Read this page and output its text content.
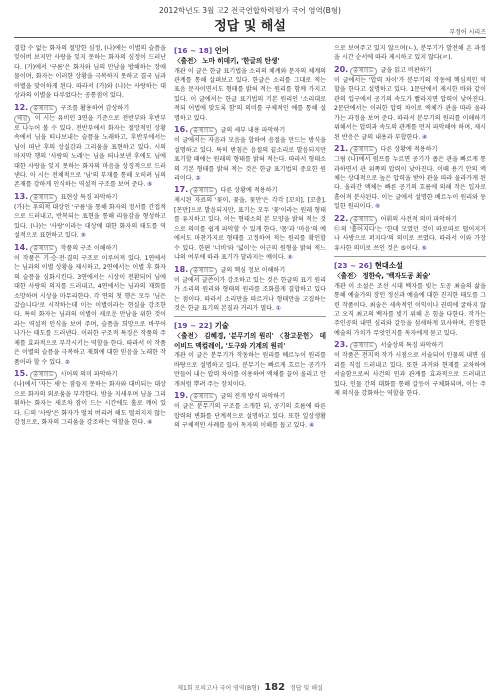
2012학년도 3월 고2 전국연합학력평가 국어 영역(B형)
정답 및 해설	부정어 시리즈

결합 수 없는 화자의 절망한 심정, (나)에는 이별의 슬픔을 잊어버 보지만 사랑을 잊지 못하는 화자의 심정이 드러난다. (가)에서 '구름'은 화자와 님의 만남을 방해하는 장애물이며, 화자는 이러한 상황을 극복하지 못하고 결국 님과 이별을 맞이하게 된다. 따라서 (가)와 (나)는 사랑하는 대상과의 이별을 다루었다는 공통점이 있다.

12. 출제의도 구조를 활용하여 감상하기
해설 이 시는 유비인 3연을 기준으로 전반부와 후반부로 나누어 볼 수 있다. 전반부에서 화자는 절망적인 상황 속에서 님을 떠나보내는 슬픔을 노래하고, 후반부에서는 님이 떠난 후의 상실감과 그리움을 표현하고 있다. 시의 마지막 행의 '사랑의 노래'는 님을 떠나보낸 후에도 님에 대한 사랑을 잊지 못하는 화자의 마음을 상징적으로 드러낸다. 이 시는 전체적으로 '님'의 부재를 통해 오히려 님의 존재를 강하게 인식하는 역설적 구조를 보여 준다. ⑤

13. 출제의도 표현상 특징 파악하기
(가)는 우의적 대상인 '구름'을 통해 화자의 정서를 간접적으로 드러내고, 반복되는 표현을 통해 리듬감을 형성하고 있다. (나)는 '사랑'이라는 대상에 대한 화자의 태도를 역설적으로 표현하고 있다. ③

14. 출제의도 작품의 구조 이해하기
이 작품은 기·승·전·결의 구조로 이루어져 있다. 1연에서는 님과의 이별 상황을 제시하고, 2연에서는 이별 후 화자의 슬픔을 심화시킨다. 3연에서는 시상이 전환되어 님에 대한 사랑의 의지를 드러내고, 4연에서는 님과의 재회를 소망하며 시상을 마무리한다. 각 연의 첫 행은 모두 '님은 갔습니다'로 시작하는데 이는 이별이라는 현실을 강조한다. 특히 화자는 님과의 이별이 새로운 만남을 위한 것이라는 역설적 인식을 보여 주며, 슬픔을 희망으로 바꾸어 나가는 태도를 드러낸다. 이러한 구조적 특징은 작품의 주제를 효과적으로 부각시키는 역할을 한다. 따라서 이 작품은 이별의 슬픔을 극복하고 재회에 대한 믿음을 노래한 작품이라 할 수 있다. ②

15. 출제의도 시어의 의미 파악하기
(나)에서 '자는 새'는 잠들지 못하는 화자와 대비되는 대상으로 화자의 외로움을 부각한다. 밤을 지새우며 님을 그리워하는 화자는 새조차 잠이 드는 시간에도 홀로 깨어 있다. ㉡의 '사랑'은 화자가 떨쳐 버리려 해도 떨쳐지지 않는 감정으로, 화자의 그리움을 강조하는 역할을 한다. ④

[16 ~ 18] 언어
〈출전〉 노마 히데키, '한글의 탄생'

개관 이 글은 한글 표기법을 소리의 체계와 문자의 체계의 관계를 통해 살펴보고 있다. 한글은 소리를 그대로 적는 표음 문자이면서도 형태를 밝혀 적는 원리를 함께 가지고 있다. 이 글에서는 한글 표기법의 기본 원리인 '소리대로 적되 어법에 맞도록 함'의 의미를 구체적인 예를 통해 설명하고 있다.

16. 출제의도 글의 세부 내용 파악하기
이 글에서는 자음과 모음을 합하여 음절을 만드는 방식을 설명하고 있다. 특히 받침은 음절의 끝소리로 발음되지만 표기할 때에는 원래의 형태를 밝혀 적는다. 따라서 형태소의 기본 형태를 밝혀 적는 것은 한글 표기법의 중요한 원리이다. ②

17. 출제의도 다른 상황에 적용하기
제시된 자료의 '꽃이, 꽃을, 꽃만'은 각각 [꼬치], [꼬츨], [꼰만]으로 발음되지만, 표기는 모두 '꽃'이라는 원래 형태를 유지하고 있다. 이는 형태소의 본 모양을 밝혀 적는 것으로 의미를 쉽게 파악할 수 있게 한다. '몸'과 '마음'의 예에서도 마찬가지로 형태를 고정하여 적는 원리를 확인할 수 있다. 한편 '너비'와 '넓이'는 어근의 원형을 밝혀 적느냐의 여부에 따라 표기가 달라지는 예이다. ⑤

18. 출제의도 글의 핵심 정보 이해하기
이 글에서 글쓴이가 강조하고 있는 것은 한글의 표기 원리가 소리의 원리와 형태의 원리를 조화롭게 결합하고 있다는 점이다. 따라서 소리만을 따르거나 형태만을 고집하는 것은 한글 표기의 본질과 거리가 멀다. ①

[19 ~ 22] 기술
〈출전〉 김혜경, '분무기의 원리' 〈참고문헌〉 데이비드 맥컬레이, '도구와 기계의 원리'

개관 이 글은 분무기가 작동하는 원리를 베르누이 원리를 바탕으로 설명하고 있다. 분무기는 빠르게 흐르는 공기가 만들어 내는 압력 차이를 이용하여 액체를 끌어 올리고 안개처럼 뿌려 주는 장치이다.

19. 출제의도 글의 전개 방식 파악하기
이 글은 분무기의 구조를 소개한 뒤, 공기의 흐름에 따른 압력의 변화를 단계적으로 설명하고 있다. 또한 일상생활의 구체적인 사례를 들어 독자의 이해를 돕고 있다. ④

으로 보여주고 있지 않으며(ㄴ), 분무기가 발전해 온 과정을 시간 순서에 따라 제시하고 있지 않다(ㄹ).

20. 출제의도 글을 읽고 비판하기
이 글에서는 '압력 차이'가 분무기의 작동에 핵심적인 역할을 한다고 설명하고 있다. 1문단에서 제시한 바와 같이 관의 입구에서 공기의 속도가 빨라지면 압력이 낮아진다. 2문단에서는 이러한 압력 차이로 액체가 관을 따라 올라가는 과정을 보여 준다. 따라서 분무기의 원리를 이해하기 위해서는 압력과 속도의 관계를 먼저 파악해야 하며, 제시된 반응은 글의 내용과 부합한다. ④

21. 출제의도 다른 상황에 적용하기
그림 (나)에서 펌프를 누르면 공기가 좁은 관을 빠르게 통과하면서 관 위쪽의 압력이 낮아진다. 이때 용기 안의 액체는 상대적으로 높은 압력을 받아 관을 따라 올라가게 된다. 올라간 액체는 빠른 공기의 흐름에 의해 작은 입자로 흩어져 분사된다. 이는 글에서 설명한 베르누이 원리와 동일한 원리이다. ⑤

22. 출제의도 어휘의 사전적 의미 파악하기
㉢의 '흩어지다'는 '한데 모였던 것이 따로따로 떨어지거나 사방으로 퍼지다'의 의미로 쓰였다. 따라서 이와 가장 유사한 의미로 쓰인 것은 ⑤이다. ⑤

[23 ~ 26] 현대소설
〈출전〉 정한숙, '백자도공 최술'

개관 이 소설은 조선 시대 백자를 빚는 도공 최술의 삶을 통해 예술가의 장인 정신과 예술에 대한 진지한 태도를 그린 작품이다. 최술은 세속적인 이익이나 권력에 굴하지 않고 오직 최고의 백자를 빚기 위해 온 힘을 다한다. 작가는 주인공의 내면 심리와 갈등을 섬세하게 묘사하며, 진정한 예술의 가치가 무엇인지를 독자에게 묻고 있다.

23. 출제의도 서술상의 특징 파악하기
이 작품은 전지적 작가 시점으로 서술되어 인물의 내면 심리를 직접 드러내고 있다. 또한 과거와 현재를 교차하여 서술함으로써 사건의 인과 관계를 효과적으로 드러내고 있다. 인물 간의 대화를 통해 갈등이 구체화되며, 이는 주제 의식을 강화하는 역할을 한다.

제1회 모의고사 국어 영역(B형) 182 정답 및 해설
